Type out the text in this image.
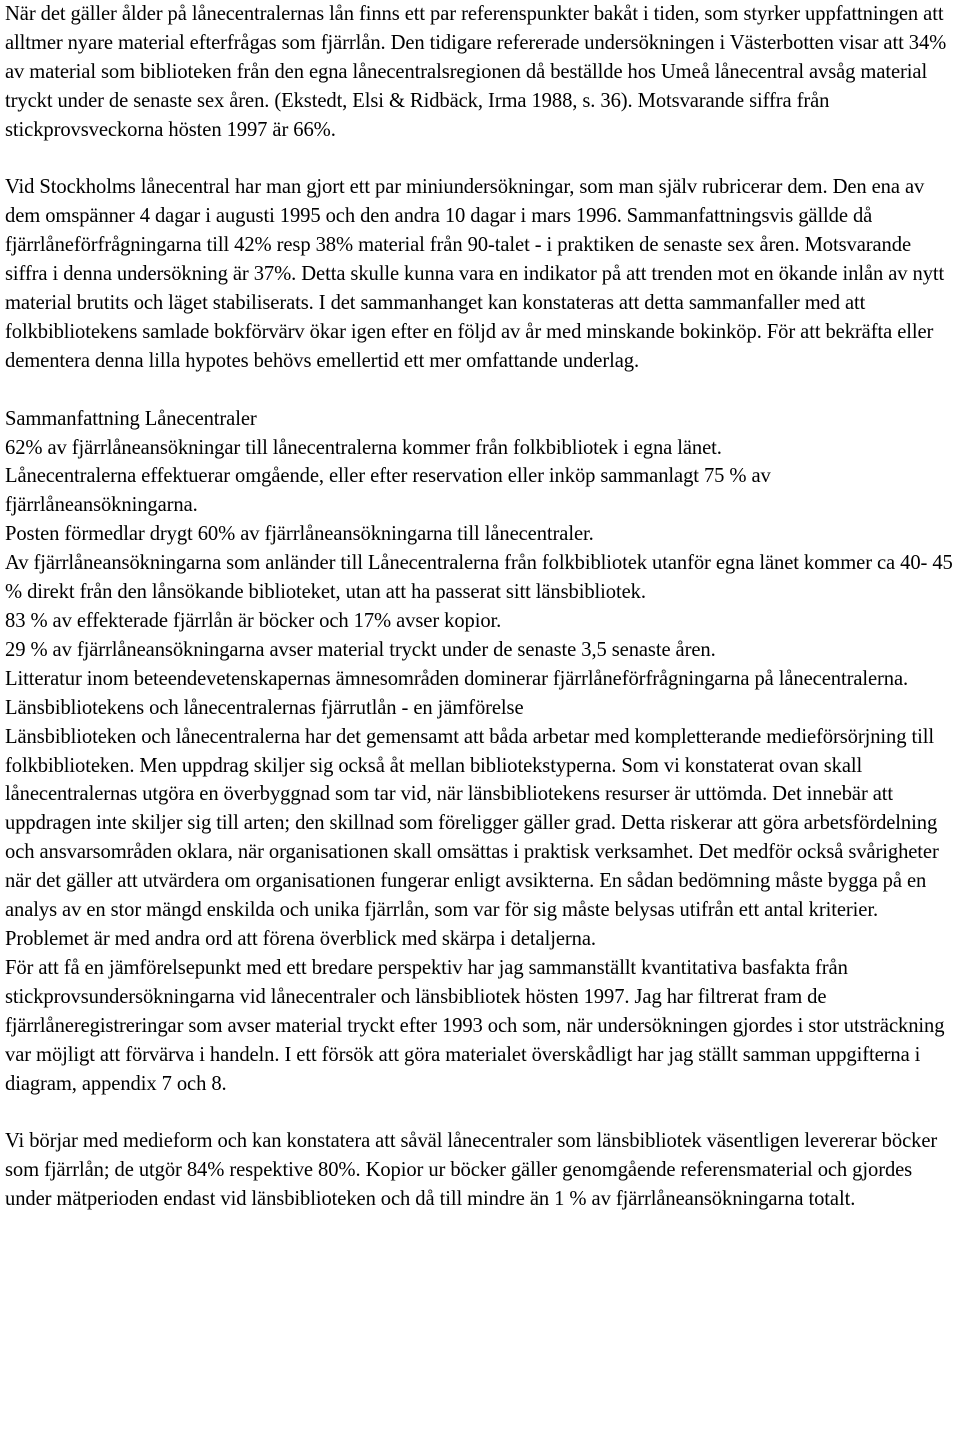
När det gäller ålder på lånecentralernas lån finns ett par referenspunkter bakåt i tiden, som styrker uppfattningen att alltmer nyare material efterfrågas som fjärrlån. Den tidigare refererade undersökningen i Västerbotten visar att 34% av material som biblioteken från den egna lånecentralsregionen då beställde hos Umeå lånecentral avsåg material tryckt under de senaste sex åren. (Ekstedt, Elsi & Ridbäck, Irma 1988, s. 36). Motsvarande siffra från stickprovsveckorna hösten 1997 är 66%.

Vid Stockholms lånecentral har man gjort ett par miniundersökningar, som man själv rubricerar dem. Den ena av dem omspänner 4 dagar i augusti 1995 och den andra 10 dagar i mars 1996. Sammanfattningsvis gällde då fjärrlåneförfrågningarna till 42% resp 38% material från 90-talet - i praktiken de senaste sex åren. Motsvarande siffra i denna undersökning är 37%. Detta skulle kunna vara en indikator på att trenden mot en ökande inlån av nytt material brutits och läget stabiliserats. I det sammanhanget kan konstateras att detta sammanfaller med att folkbibliotekens samlade bokförvärv ökar igen efter en följd av år med minskande bokinköp. För att bekräfta eller dementera denna lilla hypotes behövs emellertid ett mer omfattande underlag.

Sammanfattning Lånecentraler

62% av fjärrlåneansökningar till lånecentralerna kommer från folkbibliotek i egna länet.

Lånecentralerna effektuerar omgående, eller efter reservation eller inköp sammanlagt 75 % av fjärrlåneansökningarna.

Posten förmedlar drygt 60% av fjärrlåneansökningarna till lånecentraler.

Av fjärrlåneansökningarna som anländer till Lånecentralerna från folkbibliotek utanför egna länet kommer ca 40- 45 % direkt från den lånsökande biblioteket, utan att ha passerat sitt länsbibliotek.

83 % av effekterade fjärrlån är böcker och 17% avser kopior.

29 % av fjärrlåneansökningarna avser material tryckt under de senaste 3,5 senaste åren.

Litteratur inom beteendevetenskapernas ämnesområden dominerar fjärrlåneförfrågningarna på lånecentralerna.

Länsbibliotekens och lånecentralernas fjärrutlån - en jämförelse

Länsbiblioteken och lånecentralerna har det gemensamt att båda arbetar med kompletterande medieförsörjning till folkbiblioteken. Men uppdrag skiljer sig också åt mellan bibliotekstyperna. Som vi konstaterat ovan skall lånecentralernas utgöra en överbyggnad som tar vid, när länsbibliotekens resurser är uttömda. Det innebär att uppdragen inte skiljer sig till arten; den skillnad som föreligger gäller grad. Detta riskerar att göra arbetsfördelning och ansvarsområden oklara, när organisationen skall omsättas i praktisk verksamhet. Det medför också svårigheter när det gäller att utvärdera om organisationen fungerar enligt avsikterna. En sådan bedömning måste bygga på en analys av en stor mängd enskilda och unika fjärrlån, som var för sig måste belysas utifrån ett antal kriterier. Problemet är med andra ord att förena överblick med skärpa i detaljerna.

För att få en jämförelsepunkt med ett bredare perspektiv har jag sammanställt kvantitativa basfakta från stickprovsundersökningarna vid lånecentraler och länsbibliotek hösten 1997. Jag har filtrerat fram de fjärrlåneregistreringar som avser material tryckt efter 1993 och som, när undersökningen gjordes i stor utsträckning var möjligt att förvärva i handeln. I ett försök att göra materialet överskådligt har jag ställt samman uppgifterna i diagram, appendix 7 och 8.

Vi börjar med medieform och kan konstatera att såväl lånecentraler som länsbibliotek väsentligen levererar böcker som fjärrlån; de utgör 84% respektive 80%. Kopior ur böcker gäller genomgående referensmaterial och gjordes under mätperioden endast vid länsbiblioteken och då till mindre än 1 % av fjärrlåneansökningarna totalt.
